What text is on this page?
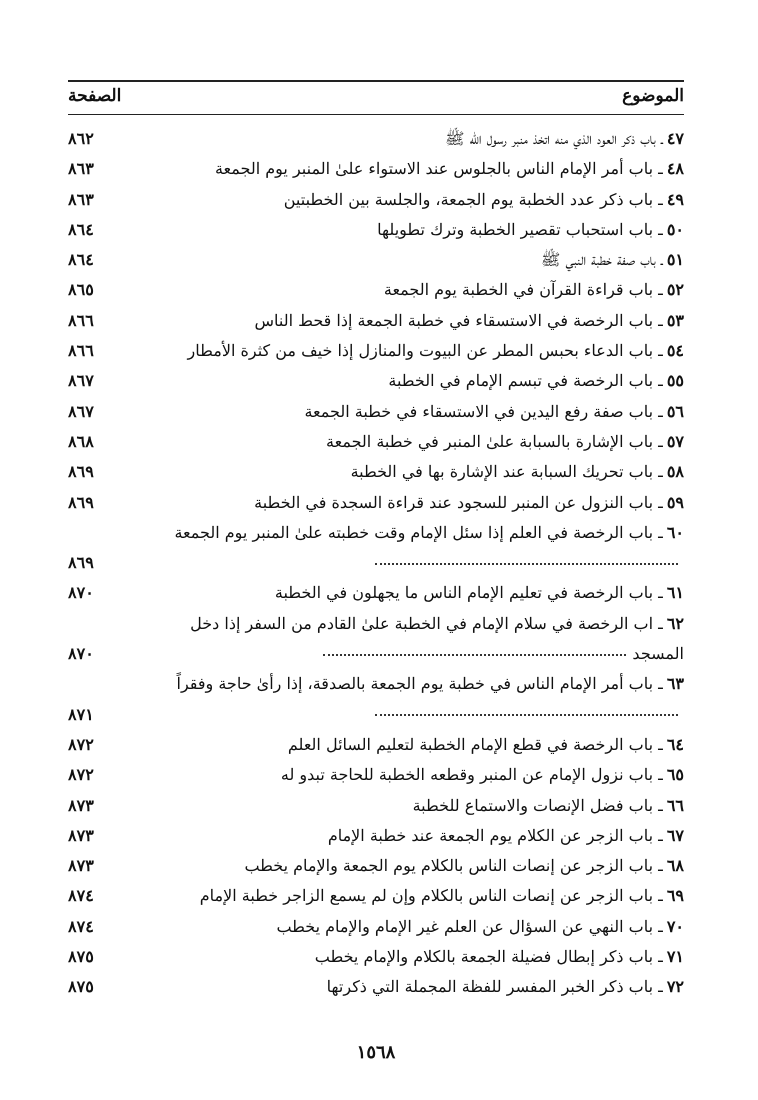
الموضوع
الصفحة
٤٧ـ باب ذكر العود الذي منه اتخذ منبر رسول الله ﷺ
٨٦٢
٤٨ـ باب أمر الإمام الناس بالجلوس عند الاستواء علىٰ المنبر يوم الجمعة
٨٦٣
٤٩ـ باب ذكر عدد الخطبة يوم الجمعة، والجلسة بين الخطبتين
٨٦٣
٥٠ـ باب استحباب تقصير الخطبة وترك تطويلها
٨٦٤
٥١ـ باب صفة خطبة النبي ﷺ
٨٦٤
٥٢ـ باب قراءة القرآن في الخطبة يوم الجمعة
٨٦٥
٥٣ـ باب الرخصة في الاستسقاء في خطبة الجمعة إذا قحط الناس
٨٦٦
٥٤ـ باب الدعاء بحبس المطر عن البيوت والمنازل إذا خيف من كثرة الأمطار
٨٦٦
٥٥ـ باب الرخصة في تبسم الإمام في الخطبة
٨٦٧
٥٦ـ باب صفة رفع اليدين في الاستسقاء في خطبة الجمعة
٨٦٧
٥٧ـ باب الإشارة بالسبابة علىٰ المنبر في خطبة الجمعة
٨٦٨
٥٨ـ باب تحريك السبابة عند الإشارة بها في الخطبة
٨٦٩
٥٩ـ باب النزول عن المنبر للسجود عند قراءة السجدة في الخطبة
٨٦٩
٦٠ـ باب الرخصة في العلم إذا سئل الإمام وقت خطبته علىٰ المنبر يوم الجمعة
٨٦٩
٦١ـ باب الرخصة في تعليم الإمام الناس ما يجهلون في الخطبة
٨٧٠
٦٢ـ اب الرخصة في سلام الإمام في الخطبة علىٰ القادم من السفر إذا دخل المسجد
٨٧٠
٦٣ـ باب أمر الإمام الناس في خطبة يوم الجمعة بالصدقة، إذا رأىٰ حاجة وفقراً
٨٧١
٦٤ـ باب الرخصة في قطع الإمام الخطبة لتعليم السائل العلم
٨٧٢
٦٥ـ باب نزول الإمام عن المنبر وقطعه الخطبة للحاجة تبدو له
٨٧٢
٦٦ـ باب فضل الإنصات والاستماع للخطبة
٨٧٣
٦٧ـ باب الزجر عن الكلام يوم الجمعة عند خطبة الإمام
٨٧٣
٦٨ـ باب الزجر عن إنصات الناس بالكلام يوم الجمعة والإمام يخطب
٨٧٣
٦٩ـ باب الزجر عن إنصات الناس بالكلام وإن لم يسمع الزاجر خطبة الإمام
٨٧٤
٧٠ـ باب النهي عن السؤال عن العلم غير الإمام والإمام يخطب
٨٧٤
٧١ـ باب ذكر إبطال فضيلة الجمعة بالكلام والإمام يخطب
٨٧٥
٧٢ـ باب ذكر الخبر المفسر للفظة المجملة التي ذكرتها
٨٧٥
١٥٦٨
